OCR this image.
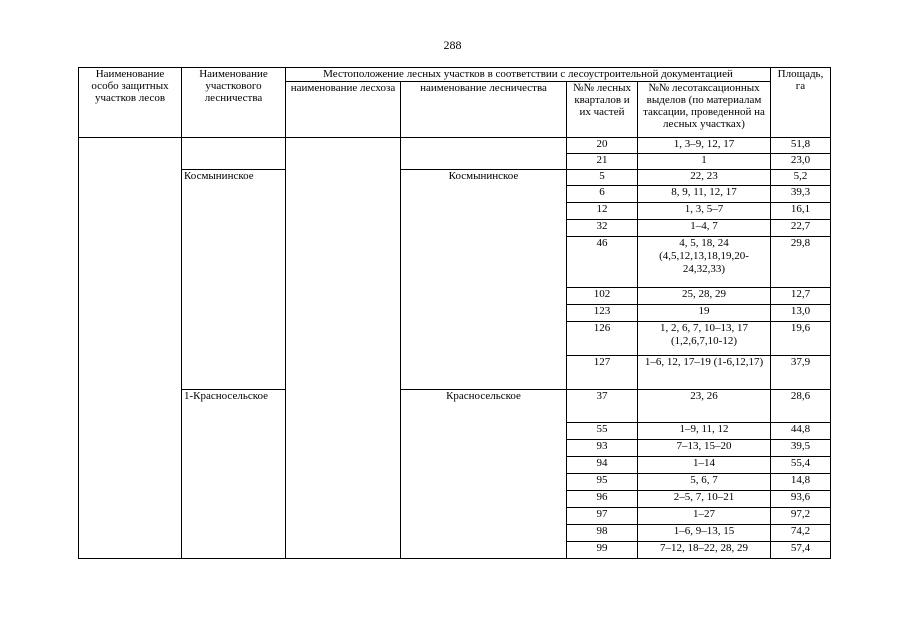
288
Наименование особо защитных участков лесов	Наименование участкового лесничества	Местоположение лесных участков в соответствии с лесоустроительной документацией				Площадь, га
		наименование лесхоза	наименование лесничества	№№ лесных кварталов и их частей	№№ лесотаксационных выделов (по материалам таксации, проведенной на лесных участках)	
				20	1, 3–9, 12, 17	51,8
				21	1	23,0
	Космынинское		Космынинское	5	22, 23	5,2
				6	8, 9, 11, 12, 17	39,3
				12	1, 3, 5–7	16,1
				32	1–4, 7	22,7
				46	4, 5, 18, 24 (4,5,12,13,18,19,20-24,32,33)	29,8
				102	25, 28, 29	12,7
				123	19	13,0
				126	1, 2, 6, 7, 10–13, 17 (1,2,6,7,10-12)	19,6
				127	1–6, 12, 17–19 (1-6,12,17)	37,9
	1-Красносельское		Красносельское	37	23, 26	28,6
				55	1–9, 11, 12	44,8
				93	7–13, 15–20	39,5
				94	1–14	55,4
				95	5, 6, 7	14,8
				96	2–5, 7, 10–21	93,6
				97	1–27	97,2
				98	1–6, 9–13, 15	74,2
				99	7–12, 18–22, 28, 29	57,4
